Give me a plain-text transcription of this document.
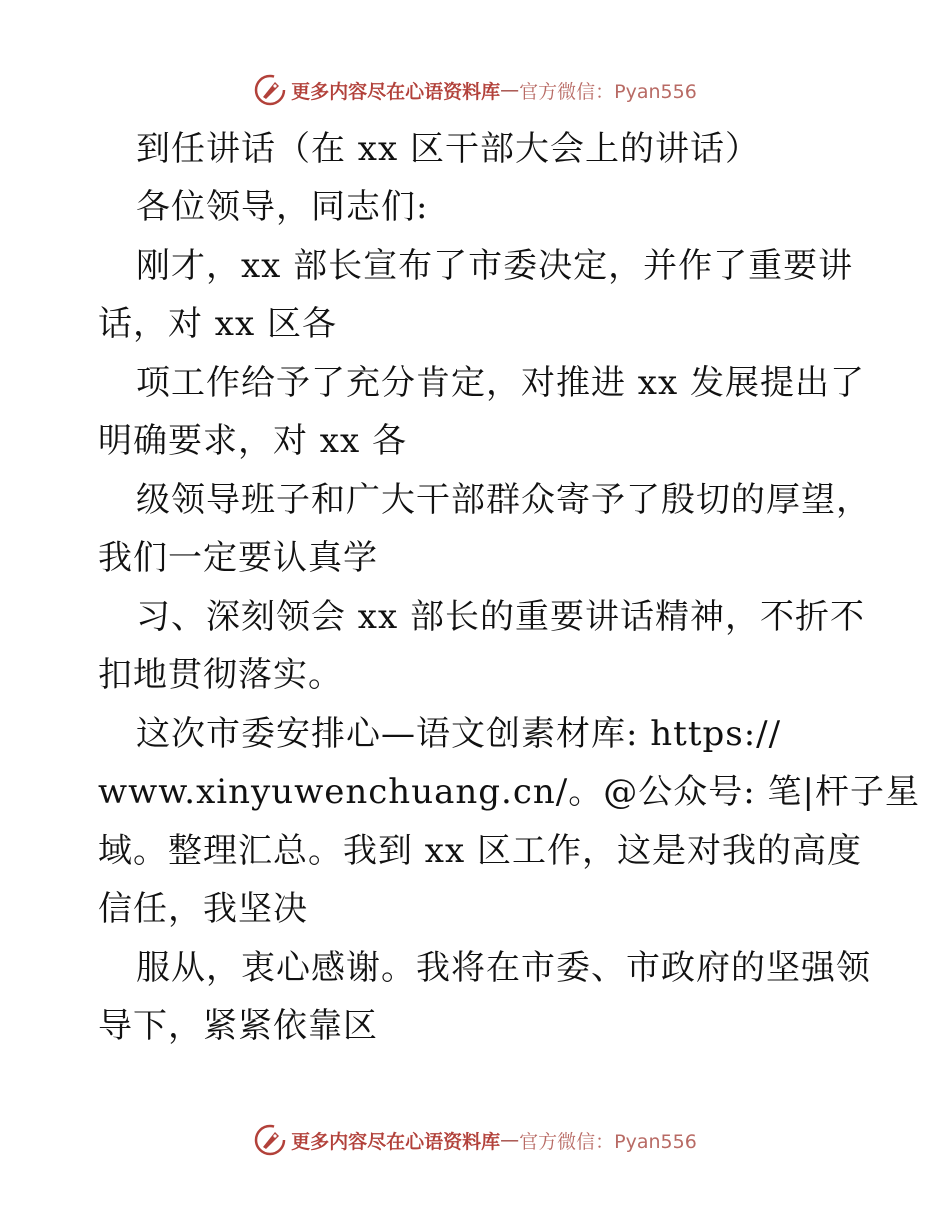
更多内容尽在心语资料库 — 官方微信：Pyan556
到任讲话（在 xx 区干部大会上的讲话）
各位领导，同志们:
刚才，xx 部长宣布了市委决定，并作了重要讲
话，对 xx 区各
项工作给予了充分肯定，对推进 xx 发展提出了
明确要求，对 xx 各
级领导班子和广大干部群众寄予了殷切的厚望，
我们一定要认真学
习、深刻领会 xx 部长的重要讲话精神，不折不
扣地贯彻落实。
这次市委安排心—语文创素材库: https://
www.xinyuwenchuang.cn/。@公众号: 笔|杆子星
域。整理汇总。我到 xx 区工作，这是对我的高度
信任，我坚决
服从，衷心感谢。我将在市委、市政府的坚强领
导下，紧紧依靠区
更多内容尽在心语资料库 — 官方微信：Pyan556
